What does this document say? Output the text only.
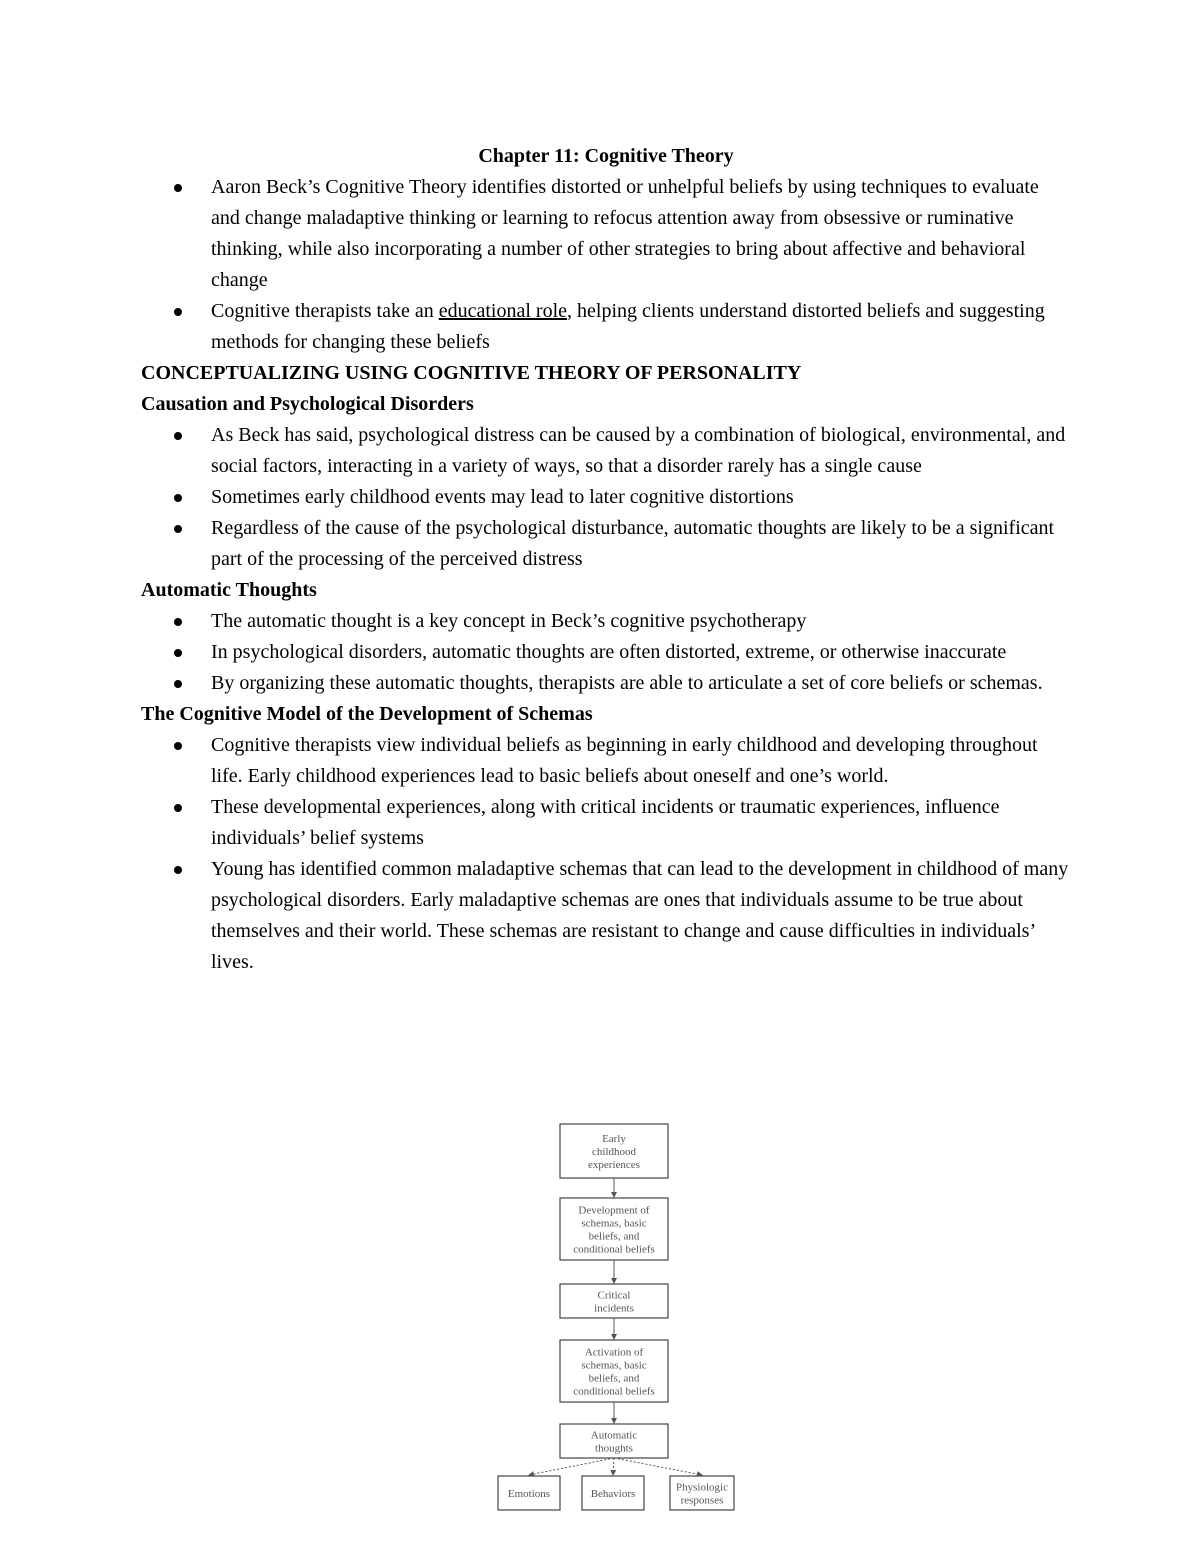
Chapter 11: Cognitive Theory

Aaron Beck’s Cognitive Theory identifies distorted or unhelpful beliefs by using techniques to evaluate and change maladaptive thinking or learning to refocus attention away from obsessive or ruminative thinking, while also incorporating a number of other strategies to bring about affective and behavioral change
Cognitive therapists take an educational role, helping clients understand distorted beliefs and suggesting methods for changing these beliefs

CONCEPTUALIZING USING COGNITIVE THEORY OF PERSONALITY

Causation and Psychological Disorders

As Beck has said, psychological distress can be caused by a combination of biological, environmental, and social factors, interacting in a variety of ways, so that a disorder rarely has a single cause
Sometimes early childhood events may lead to later cognitive distortions
Regardless of the cause of the psychological disturbance, automatic thoughts are likely to be a significant part of the processing of the perceived distress

Automatic Thoughts

The automatic thought is a key concept in Beck’s cognitive psychotherapy
In psychological disorders, automatic thoughts are often distorted, extreme, or otherwise inaccurate
By organizing these automatic thoughts, therapists are able to articulate a set of core beliefs or schemas.

The Cognitive Model of the Development of Schemas

Cognitive therapists view individual beliefs as beginning in early childhood and developing throughout life. Early childhood experiences lead to basic beliefs about oneself and one’s world.
These developmental experiences, along with critical incidents or traumatic experiences, influence individuals’ belief systems
Young has identified common maladaptive schemas that can lead to the development in childhood of many psychological disorders. Early maladaptive schemas are ones that individuals assume to be true about themselves and their world. These schemas are resistant to change and cause difficulties in individuals’ lives.
Early
childhood
experiences
Development of
schemas, basic
beliefs, and
conditional beliefs
Critical
incidents
Activation of
schemas, basic
beliefs, and
conditional beliefs
Automatic
thoughts
Emotions	Behaviors
Physiologic
responses
